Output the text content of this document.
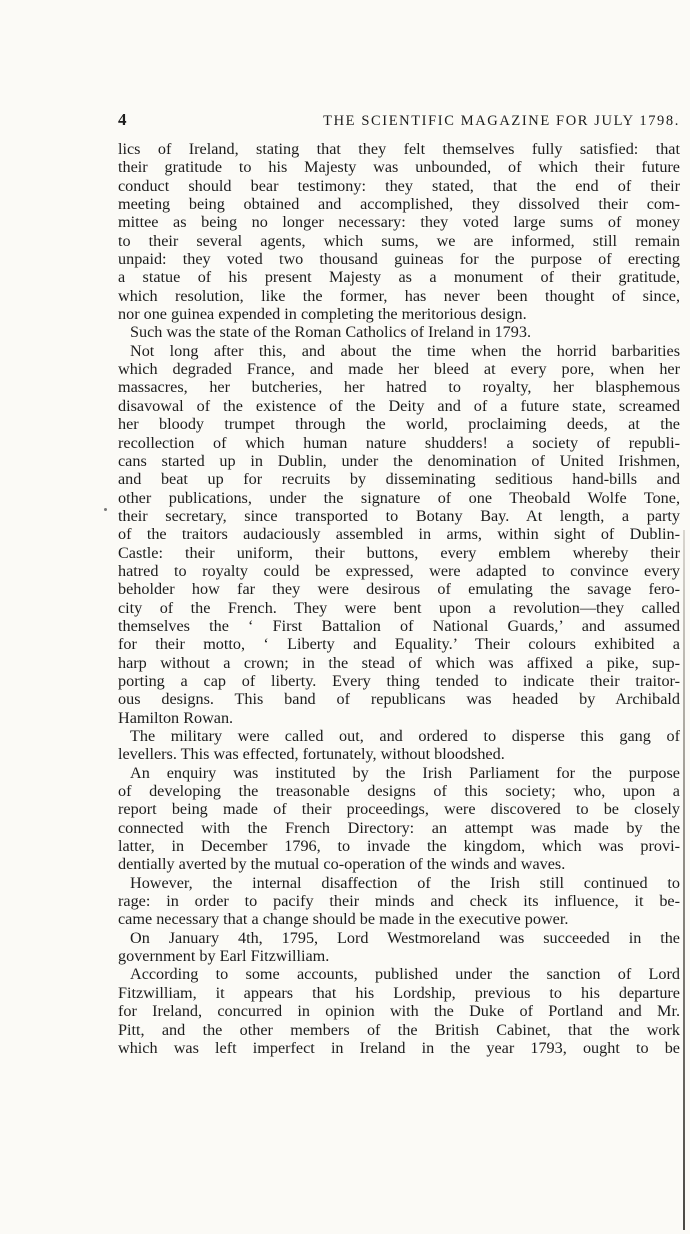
4	THE SCIENTIFIC MAGAZINE FOR JULY 1798.
lics of Ireland, stating that they felt themselves fully satisfied: that
their gratitude to his Majesty was unbounded, of which their future
conduct should bear testimony: they stated, that the end of their
meeting being obtained and accomplished, they dissolved their com-
mittee as being no longer necessary: they voted large sums of money
to their several agents, which sums, we are informed, still remain
unpaid: they voted two thousand guineas for the purpose of erecting
a statue of his present Majesty as a monument of their gratitude,
which resolution, like the former, has never been thought of since,
nor one guinea expended in completing the meritorious design.
Such was the state of the Roman Catholics of Ireland in 1793.
Not long after this, and about the time when the horrid barbarities
which degraded France, and made her bleed at every pore, when her
massacres, her butcheries, her hatred to royalty, her blasphemous
disavowal of the existence of the Deity and of a future state, screamed
her bloody trumpet through the world, proclaiming deeds, at the
recollection of which human nature shudders! a society of republi-
cans started up in Dublin, under the denomination of United Irishmen,
and beat up for recruits by disseminating seditious hand-bills and
other publications, under the signature of one Theobald Wolfe Tone,
their secretary, since transported to Botany Bay. At length, a party
of the traitors audaciously assembled in arms, within sight of Dublin-
Castle: their uniform, their buttons, every emblem whereby their
hatred to royalty could be expressed, were adapted to convince every
beholder how far they were desirous of emulating the savage fero-
city of the French. They were bent upon a revolution—they called
themselves the ‘ First Battalion of National Guards,’ and assumed
for their motto, ‘ Liberty and Equality.’ Their colours exhibited a
harp without a crown; in the stead of which was affixed a pike, sup-
porting a cap of liberty. Every thing tended to indicate their traitor-
ous designs. This band of republicans was headed by Archibald
Hamilton Rowan.
The military were called out, and ordered to disperse this gang of
levellers. This was effected, fortunately, without bloodshed.
An enquiry was instituted by the Irish Parliament for the purpose
of developing the treasonable designs of this society; who, upon a
report being made of their proceedings, were discovered to be closely
connected with the French Directory: an attempt was made by the
latter, in December 1796, to invade the kingdom, which was provi-
dentially averted by the mutual co-operation of the winds and waves.
However, the internal disaffection of the Irish still continued to
rage: in order to pacify their minds and check its influence, it be-
came necessary that a change should be made in the executive power.
On January 4th, 1795, Lord Westmoreland was succeeded in the
government by Earl Fitzwilliam.
According to some accounts, published under the sanction of Lord
Fitzwilliam, it appears that his Lordship, previous to his departure
for Ireland, concurred in opinion with the Duke of Portland and Mr.
Pitt, and the other members of the British Cabinet, that the work
which was left imperfect in Ireland in the year 1793, ought to be
